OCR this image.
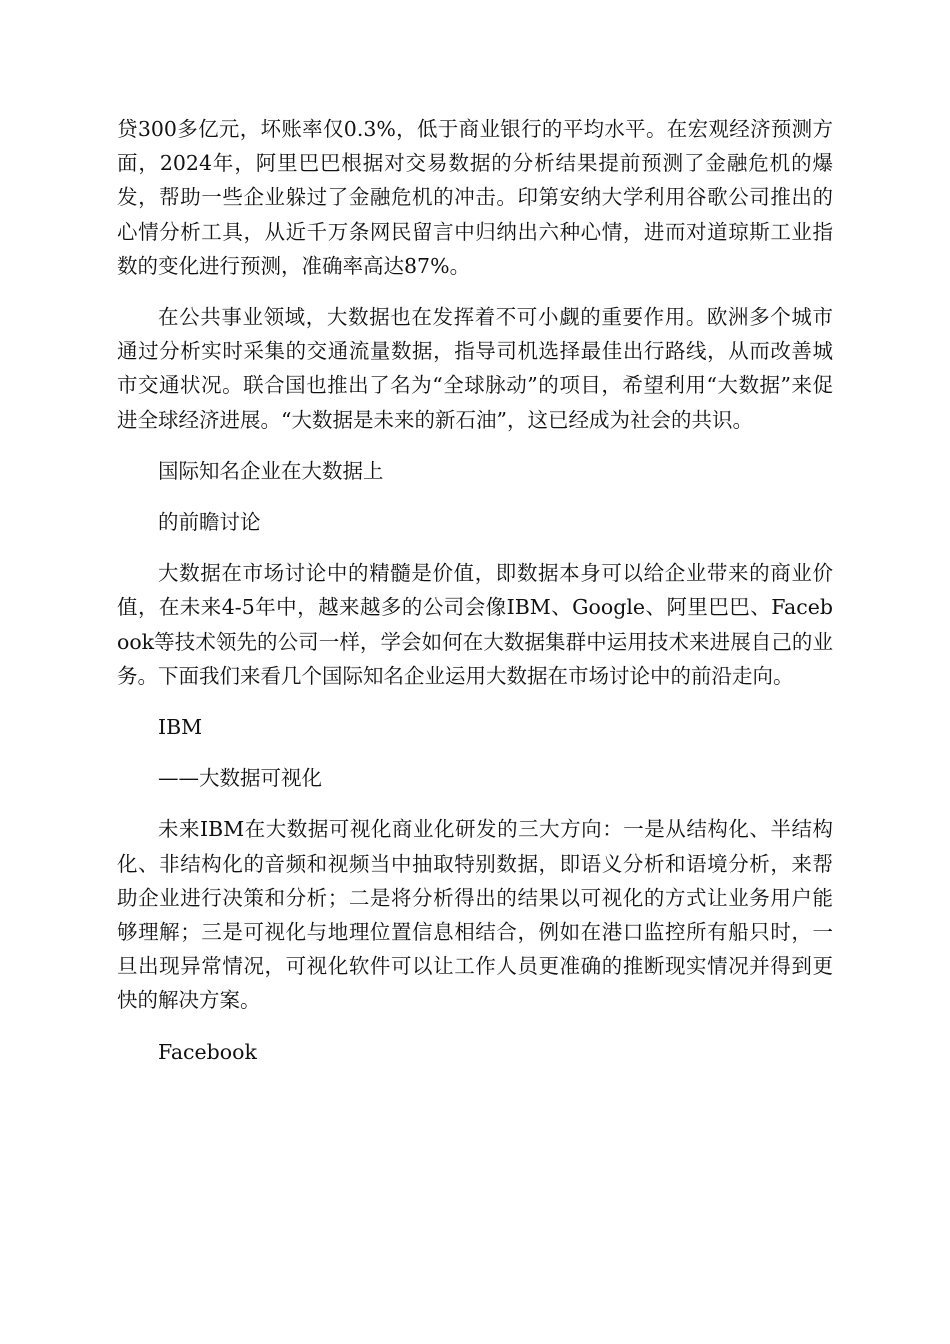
贷300多亿元，坏账率仅0.3%，低于商业银行的平均水平。在宏观经济预测方面，2024年，阿里巴巴根据对交易数据的分析结果提前预测了金融危机的爆发，帮助一些企业躲过了金融危机的冲击。印第安纳大学利用谷歌公司推出的心情分析工具，从近千万条网民留言中归纳出六种心情，进而对道琼斯工业指数的变化进行预测，准确率高达87%。

在公共事业领域，大数据也在发挥着不可小觑的重要作用。欧洲多个城市通过分析实时采集的交通流量数据，指导司机选择最佳出行路线，从而改善城市交通状况。联合国也推出了名为“全球脉动”的项目，希望利用“大数据”来促进全球经济进展。“大数据是未来的新石油”，这已经成为社会的共识。

国际知名企业在大数据上
的前瞻讨论

大数据在市场讨论中的精髓是价值，即数据本身可以给企业带来的商业价值，在未来4-5年中，越来越多的公司会像IBM、Google、阿里巴巴、Facebook等技术领先的公司一样，学会如何在大数据集群中运用技术来进展自己的业务。下面我们来看几个国际知名企业运用大数据在市场讨论中的前沿走向。

IBM
——大数据可视化

未来IBM在大数据可视化商业化研发的三大方向：一是从结构化、半结构化、非结构化的音频和视频当中抽取特别数据，即语义分析和语境分析，来帮助企业进行决策和分析；二是将分析得出的结果以可视化的方式让业务用户能够理解；三是可视化与地理位置信息相结合，例如在港口监控所有船只时，一旦出现异常情况，可视化软件可以让工作人员更准确的推断现实情况并得到更快的解决方案。

Facebook
